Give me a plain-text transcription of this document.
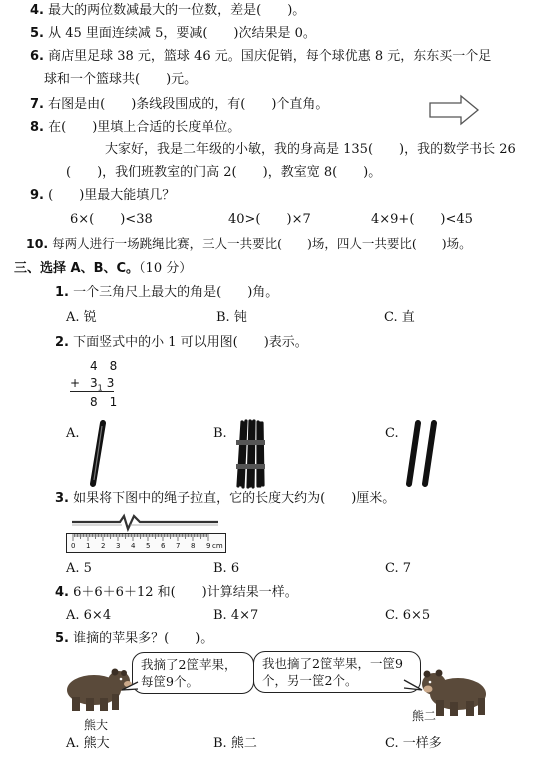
4. 最大的两位数减最大的一位数，差是(　　)。
5. 从 45 里面连续减 5，要减(　　)次结果是 0。
6. 商店里足球 38 元，篮球 46 元。国庆促销，每个球优惠 8 元，东东买一个足
球和一个篮球共(　　)元。
7. 右图是由(　　)条线段围成的，有(　　)个直角。
8. 在(　　)里填上合适的长度单位。
大家好，我是二年级的小敏，我的身高是 135(　　)，我的数学书长 26
(　　)，我们班教室的门高 2(　　)，教室宽 8(　　)。
9. (　　)里最大能填几？
6×(　　)<38	40>(　　)×7	4×9+(　　)<45
10. 每两人进行一场跳绳比赛，三人一共要比(　　)场，四人一共要比(　　)场。
三、选择 A、B、C。（10 分）
1. 一个三角尺上最大的角是(　　)角。
A. 锐	B. 钝	C. 直
2. 下面竖式中的小 1 可以用图(　　)表示。
4　8
+ $3_1$ 3
8　1
A.	B.	C.
3. 如果将下图中的绳子拉直，它的长度大约为(　　)厘米。
0 1 2 3 4 5 6 7 8 9 cm
A. 5	B. 6	C. 7
4. 6＋6＋6＋12 和(　　)计算结果一样。
A. 6×4	B. 4×7	C. 6×5
5. 谁摘的苹果多？(　　)。
熊大
我摘了2筐苹果，每筐9个。
我也摘了2筐苹果，一筐9个，另一筐2个。
熊二
A. 熊大	B. 熊二	C. 一样多
